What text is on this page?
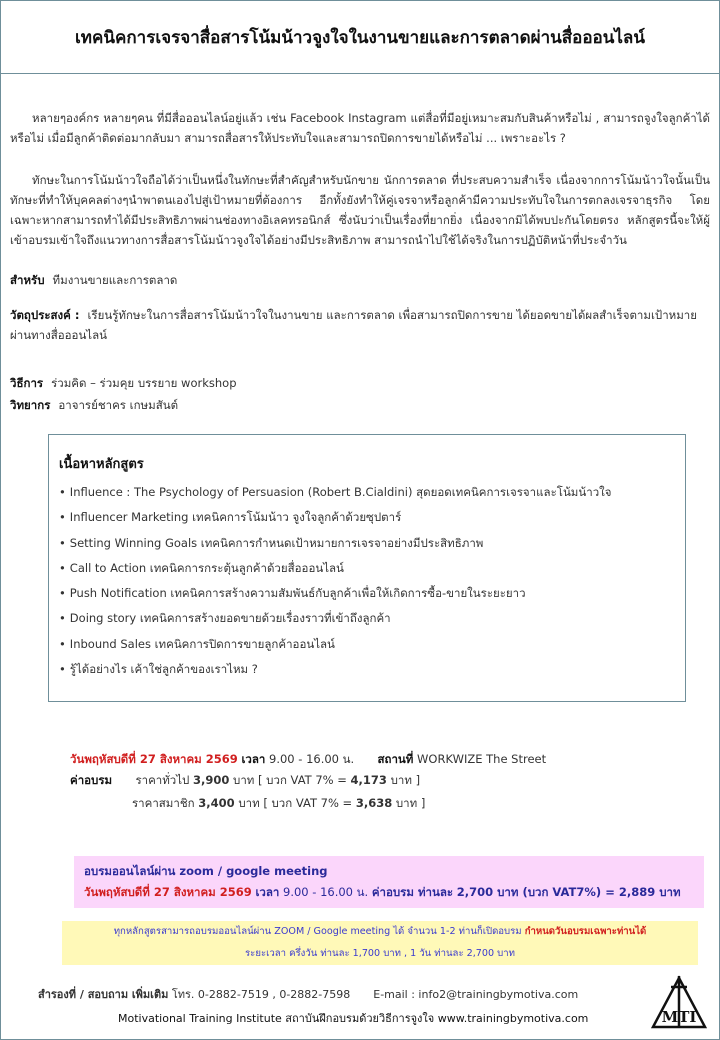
เทคนิคการเจรจาสื่อสารโน้มน้าวจูงใจในงานขายและการตลาดผ่านสื่อออนไลน์

หลายๆองค์กร หลายๆคน ที่มีสื่อออนไลน์อยู่แล้ว เช่น Facebook Instagram แต่สื่อที่มีอยู่เหมาะสมกับสินค้าหรือไม่ , สามารถจูงใจลูกค้าได้หรือไม่ เมื่อมีลูกค้าติดต่อมากลับมา สามารถสื่อสารให้ประทับใจและสามารถปิดการขายได้หรือไม่ ... เพราะอะไร ?

ทักษะในการโน้มน้าวใจถือได้ว่าเป็นหนึ่งในทักษะที่สำคัญสำหรับนักขาย นักการตลาด ที่ประสบความสำเร็จ เนื่องจากการโน้มน้าวใจนั้นเป็นทักษะที่ทำให้บุคคลต่างๆนำพาตนเองไปสู่เป้าหมายที่ต้องการ อีกทั้งยังทำให้คู่เจรจาหรือลูกค้ามีความประทับใจในการตกลงเจรจาธุรกิจ โดยเฉพาะหากสามารถทำได้มีประสิทธิภาพผ่านช่องทางอิเลคทรอนิกส์ ซึ่งนับว่าเป็นเรื่องที่ยากยิ่ง เนื่องจากมิได้พบปะกันโดยตรง หลักสูตรนี้จะให้ผู้เข้าอบรมเข้าใจถึงแนวทางการสื่อสารโน้มน้าวจูงใจได้อย่างมีประสิทธิภาพ สามารถนำไปใช้ได้จริงในการปฏิบัติหน้าที่ประจำวัน

สำหรับ ทีมงานขายและการตลาด
วัตถุประสงค์ : เรียนรู้ทักษะในการสื่อสารโน้มน้าวใจในงานขาย และการตลาด เพื่อสามารถปิดการขาย ได้ยอดขายได้ผลสำเร็จตามเป้าหมาย ผ่านทางสื่อออนไลน์
วิธีการ ร่วมคิด – ร่วมคุย บรรยาย workshop
วิทยากร อาจารย์ชาคร เกษมสันต์
เนื้อหาหลักสูตร
• Influence : The Psychology of Persuasion (Robert B.Cialdini) สุดยอดเทคนิคการเจรจาและโน้มน้าวใจ
• Influencer Marketing เทคนิคการโน้มน้าว จูงใจลูกค้าด้วยซุปตาร์
• Setting Winning Goals เทคนิคการกำหนดเป้าหมายการเจรจาอย่างมีประสิทธิภาพ
• Call to Action เทคนิคการกระตุ้นลูกค้าด้วยสื่อออนไลน์
• Push Notification เทคนิคการสร้างความสัมพันธ์กับลูกค้าเพื่อให้เกิดการซื้อ-ขายในระยะยาว
• Doing story เทคนิคการสร้างยอดขายด้วยเรื่องราวที่เข้าถึงลูกค้า
• Inbound Sales เทคนิคการปิดการขายลูกค้าออนไลน์
• รู้ได้อย่างไร เค้าใช่ลูกค้าของเราไหม ?
วันพฤหัสบดีที่ 27 สิงหาคม 2569 เวลา 9.00 - 16.00 น. สถานที่ WORKWIZE The Street
ค่าอบรม ราคาทั่วไป 3,900 บาท [ บวก VAT 7% = 4,173 บาท ]
ราคาสมาชิก 3,400 บาท [ บวก VAT 7% = 3,638 บาท ]
อบรมออนไลน์ผ่าน zoom / google meeting
วันพฤหัสบดีที่ 27 สิงหาคม 2569 เวลา 9.00 - 16.00 น. ค่าอบรม ท่านละ 2,700 บาท (บวก VAT7%) = 2,889 บาท
ทุกหลักสูตรสามารถอบรมออนไลน์ผ่าน ZOOM / Google meeting ได้ จำนวน 1-2 ท่านก็เปิดอบรม กำหนดวันอบรมเฉพาะท่านได้
ระยะเวลา ครึ่งวัน ท่านละ 1,700 บาท , 1 วัน ท่านละ 2,700 บาท
สำรองที่ / สอบถาม เพิ่มเติม โทร. 0-2882-7519 , 0-2882-7598 E-mail : info2@trainingbymotiva.com
Motivational Training Institute สถาบันฝึกอบรมด้วยวิธีการจูงใจ www.trainingbymotiva.com	MTI
